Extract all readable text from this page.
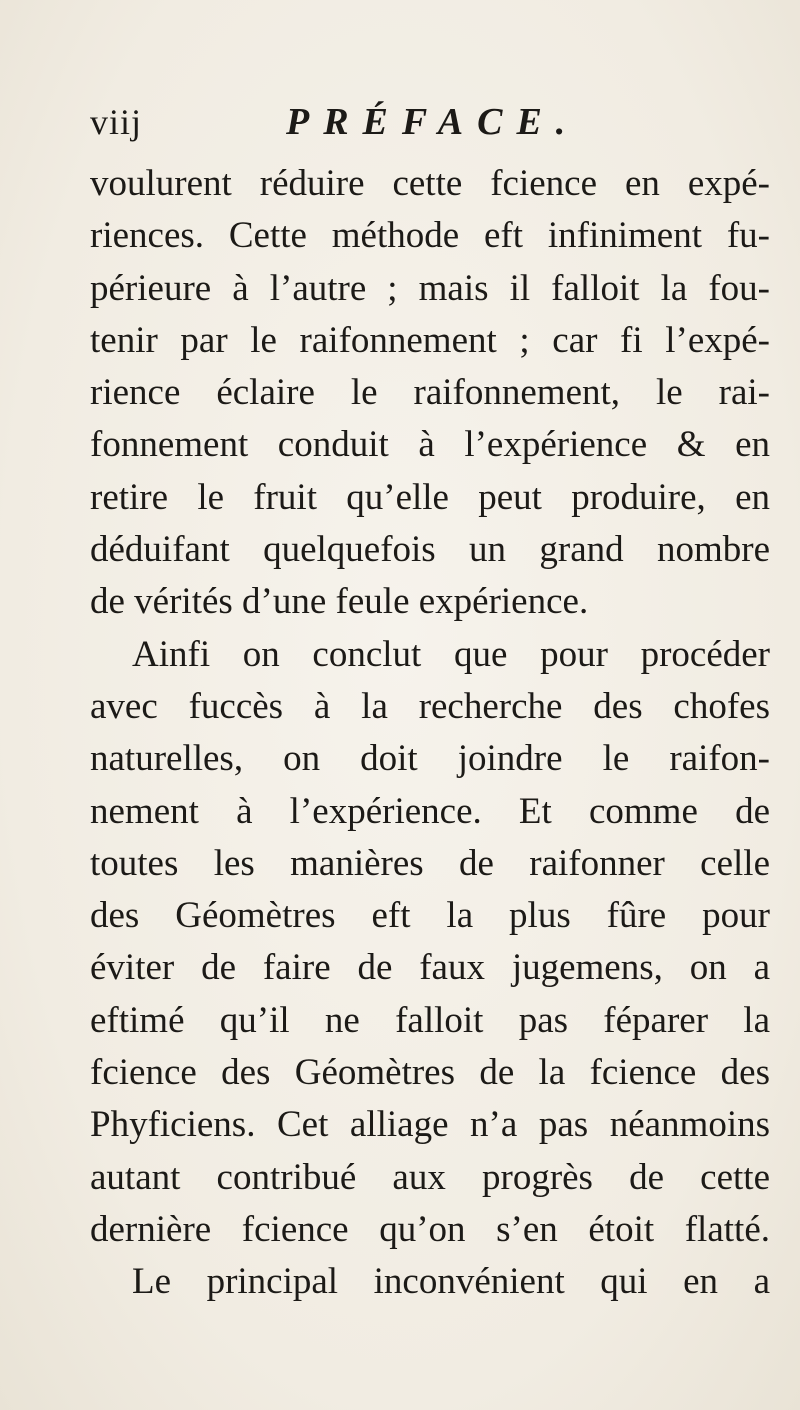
viij	PRÉFACE.
voulurent réduire cette fcience en expé-
riences. Cette méthode eft infiniment fu-
périeure à l’autre ; mais il falloit la fou-
tenir par le raifonnement ; car fi l’expé-
rience éclaire le raifonnement, le rai-
fonnement conduit à l’expérience & en
retire le fruit qu’elle peut produire, en
déduifant quelquefois un grand nombre
de vérités d’une feule expérience.
Ainfi on conclut que pour procéder
avec fuccès à la recherche des chofes
naturelles, on doit joindre le raifon-
nement à l’expérience. Et comme de
toutes les manières de raifonner celle
des Géomètres eft la plus fûre pour
éviter de faire de faux jugemens, on a
eftimé qu’il ne falloit pas féparer la
fcience des Géomètres de la fcience des
Phyficiens. Cet alliage n’a pas néanmoins
autant contribué aux progrès de cette
dernière fcience qu’on s’en étoit flatté.
Le principal inconvénient qui en a
